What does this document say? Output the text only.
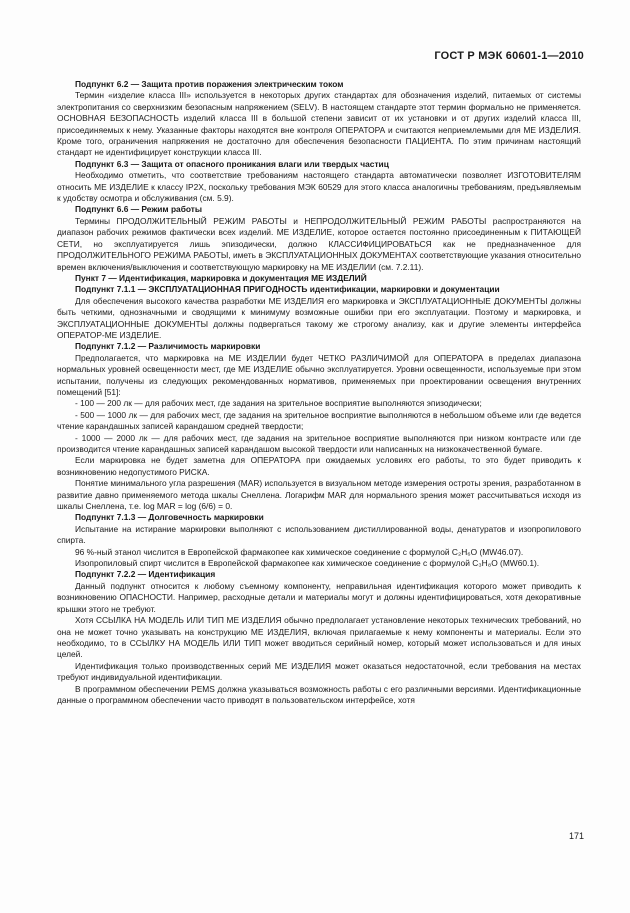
ГОСТ Р МЭК 60601-1—2010

Подпункт 6.2 — Защита против поражения электрическим током

Термин «изделие класса III» используется в некоторых других стандартах для обозначения изделий, питаемых от системы электропитания со сверхнизким безопасным напряжением (SELV). В настоящем стандарте этот термин формально не применяется. ОСНОВНАЯ БЕЗОПАСНОСТЬ изделий класса III в большой степени зависит от их установки и от других изделий класса III, присоединяемых к нему. Указанные факторы находятся вне контроля ОПЕРАТОРА и считаются неприемлемыми для МЕ ИЗДЕЛИЯ. Кроме того, ограничения напряжения не достаточно для обеспечения безопасности ПАЦИЕНТА. По этим причинам настоящий стандарт не идентифицирует конструкции класса III.

Подпункт 6.3 — Защита от опасного проникания влаги или твердых частиц

Необходимо отметить, что соответствие требованиям настоящего стандарта автоматически позволяет ИЗГОТОВИТЕЛЯМ относить МЕ ИЗДЕЛИЕ к классу IP2X, поскольку требования МЭК 60529 для этого класса аналогичны требованиям, предъявляемым к удобству осмотра и обслуживания (см. 5.9).

Подпункт 6.6 — Режим работы

Термины ПРОДОЛЖИТЕЛЬНЫЙ РЕЖИМ РАБОТЫ и НЕПРОДОЛЖИТЕЛЬНЫЙ РЕЖИМ РАБОТЫ распространяются на диапазон рабочих режимов фактически всех изделий. МЕ ИЗДЕЛИЕ, которое остается постоянно присоединенным к ПИТАЮЩЕЙ СЕТИ, но эксплуатируется лишь эпизодически, должно КЛАССИФИЦИРОВАТЬСЯ как не предназначенное для ПРОДОЛЖИТЕЛЬНОГО РЕЖИМА РАБОТЫ, иметь в ЭКСПЛУАТАЦИОННЫХ ДОКУМЕНТАХ соответствующие указания относительно времен включения/выключения и соответствующую маркировку на МЕ ИЗДЕЛИИ (см. 7.2.11).

Пункт 7 — Идентификация, маркировка и документация МЕ ИЗДЕЛИЙ

Подпункт 7.1.1 — ЭКСПЛУАТАЦИОННАЯ ПРИГОДНОСТЬ идентификации, маркировки и документации

Для обеспечения высокого качества разработки МЕ ИЗДЕЛИЯ его маркировка и ЭКСПЛУАТАЦИОННЫЕ ДОКУМЕНТЫ должны быть четкими, однозначными и сводящими к минимуму возможные ошибки при его эксплуатации. Поэтому и маркировка, и ЭКСПЛУАТАЦИОННЫЕ ДОКУМЕНТЫ должны подвергаться такому же строгому анализу, как и другие элементы интерфейса ОПЕРАТОР-МЕ ИЗДЕЛИЕ.

Подпункт 7.1.2 — Различимость маркировки

Предполагается, что маркировка на МЕ ИЗДЕЛИИ будет ЧЕТКО РАЗЛИЧИМОЙ для ОПЕРАТОРА в пределах диапазона нормальных уровней освещенности мест, где МЕ ИЗДЕЛИЕ обычно эксплуатируется. Уровни освещенности, используемые при этом испытании, получены из следующих рекомендованных нормативов, применяемых при проектировании освещения внутренних помещений [51]:

- 100 — 200 лк — для рабочих мест, где задания на зрительное восприятие выполняются эпизодически;

- 500 — 1000 лк — для рабочих мест, где задания на зрительное восприятие выполняются в небольшом объеме или где ведется чтение карандашных записей карандашом средней твердости;

- 1000 — 2000 лк — для рабочих мест, где задания на зрительное восприятие выполняются при низком контрасте или где производится чтение карандашных записей карандашом высокой твердости или написанных на низкокачественной бумаге.

Если маркировка не будет заметна для ОПЕРАТОРА при ожидаемых условиях его работы, то это будет приводить к возникновению недопустимого РИСКА.

Понятие минимального угла разрешения (MAR) используется в визуальном методе измерения остроты зрения, разработанном в развитие давно применяемого метода шкалы Снеллена. Логарифм MAR для нормального зрения может рассчитываться исходя из шкалы Снеллена, т.е. log MAR = log (6/6) = 0.

Подпункт 7.1.3 — Долговечность маркировки

Испытание на истирание маркировки выполняют с использованием дистиллированной воды, денатуратов и изопропилового спирта.

96 %-ный этанол числится в Европейской фармакопее как химическое соединение с формулой C₂H₆O (MW46.07).

Изопропиловый спирт числится в Европейской фармакопее как химическое соединение с формулой C₃H₈O (MW60.1).

Подпункт 7.2.2 — Идентификация

Данный подпункт относится к любому съемному компоненту, неправильная идентификация которого может приводить к возникновению ОПАСНОСТИ. Например, расходные детали и материалы могут и должны идентифицироваться, хотя декоративные крышки этого не требуют.

Хотя ССЫЛКА НА МОДЕЛЬ ИЛИ ТИП МЕ ИЗДЕЛИЯ обычно предполагает установление некоторых технических требований, но она не может точно указывать на конструкцию МЕ ИЗДЕЛИЯ, включая прилагаемые к нему компоненты и материалы. Если это необходимо, то в ССЫЛКУ НА МОДЕЛЬ ИЛИ ТИП может вводиться серийный номер, который может использоваться и для иных целей.

Идентификация только производственных серий МЕ ИЗДЕЛИЯ может оказаться недостаточной, если требования на местах требуют индивидуальной идентификации.

В программном обеспечении PEMS должна указываться возможность работы с его различными версиями. Идентификационные данные о программном обеспечении часто приводят в пользовательском интерфейсе, хотя

171
